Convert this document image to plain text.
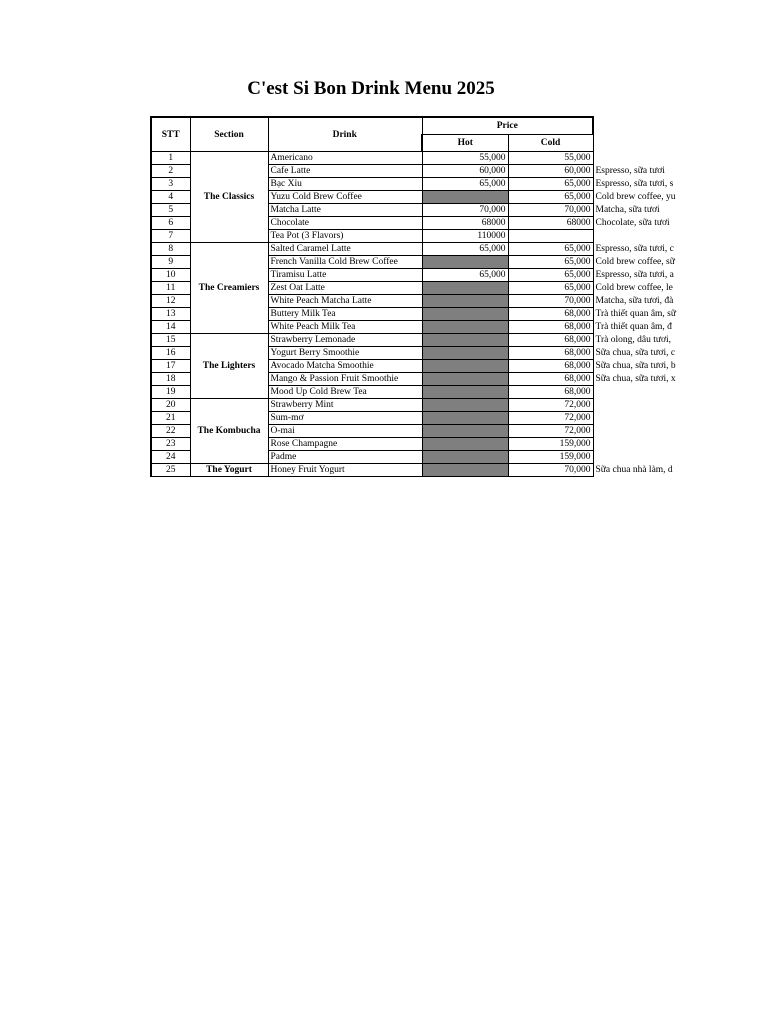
C'est Si Bon Drink Menu 2025
STT	Section	Drink	Price		
			Hot	Cold	
1	The Classics	Americano	55,000	55,000	
2		Cafe Latte	60,000	60,000	Espresso, sữa tươi
3		Bạc Xỉu	65,000	65,000	Espresso, sữa tươi, s
4		Yuzu Cold Brew Coffee		65,000	Cold brew coffee, yu
5		Matcha Latte	70,000	70,000	Matcha, sữa tươi
6		Chocolate	68000	68000	Chocolate, sữa tươi
7		Tea Pot (3 Flavors)	110000		
8	The Creamiers	Salted Caramel Latte	65,000	65,000	Espresso, sữa tươi, c
9		French Vanilla Cold Brew Coffee		65,000	Cold brew coffee, sữ
10		Tiramisu Latte	65,000	65,000	Espresso, sữa tươi, a
11		Zest Oat Latte		65,000	Cold brew coffee, le
12		White Peach Matcha Latte		70,000	Matcha, sữa tươi, đà
13		Buttery Milk Tea		68,000	Trà thiết quan âm, sữ
14		White Peach Milk Tea		68,000	Trà thiết quan âm, đ
15	The Lighters	Strawberry Lemonade		68,000	Trà olong, dâu tươi,
16		Yogurt Berry Smoothie		68,000	Sữa chua, sữa tươi, c
17		Avocado Matcha Smoothie		68,000	Sữa chua, sữa tươi, b
18		Mango & Passion Fruit Smoothie		68,000	Sữa chua, sữa tươi, x
19		Mood Up Cold Brew Tea		68,000	
20	The Kombucha	Strawberry Mint		72,000	
21		Sum-mơ		72,000	
22		O-mai		72,000	
23		Rose Champagne		159,000	
24		Padme		159,000	
25	The Yogurt	Honey Fruit Yogurt		70,000	Sữa chua nhà làm, d
